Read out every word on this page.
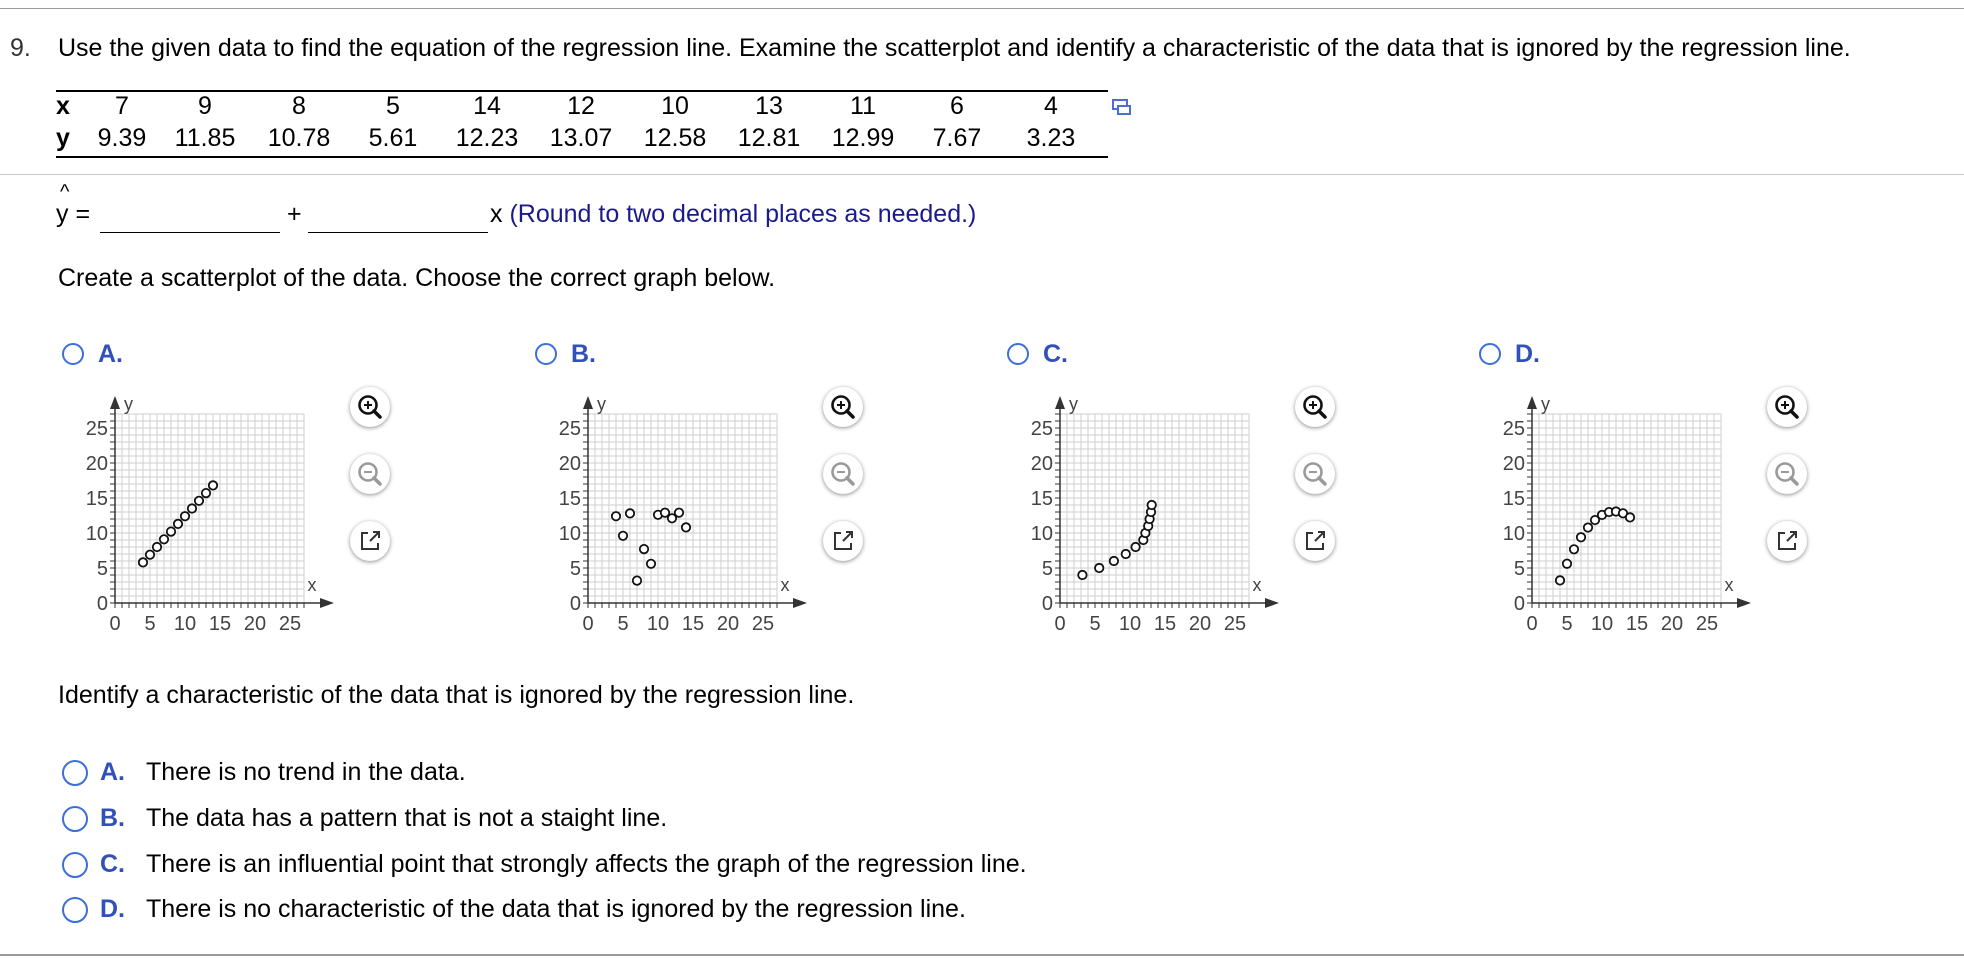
9. Use the given data to find the equation of the regression line. Examine the scatterplot and identify a characteristic of the data that is ignored by the regression line.
x	7	9	8	5	14	12	10	13	11	6	4
y	9.39	11.85	10.78	5.61	12.23	13.07	12.58	12.81	12.99	7.67	3.23
^
y =	+	x (Round to two decimal places as needed.)
Create a scatterplot of the data. Choose the correct graph below.
A.
0 5 10 15 20 25
0
5
10
15
20
25
x
y
B.
0 5 10 15 20 25
0
5
10
15
20
25
x
y
C.
0 5 10 15 20 25
0
5
10
15
20
25
x
y
D.
0 5 10 15 20 25
0
5
10
15
20
25
x
y
Identify a characteristic of the data that is ignored by the regression line.
A. There is no trend in the data.
B. The data has a pattern that is not a staight line.
C. There is an influential point that strongly affects the graph of the regression line.
D. There is no characteristic of the data that is ignored by the regression line.
